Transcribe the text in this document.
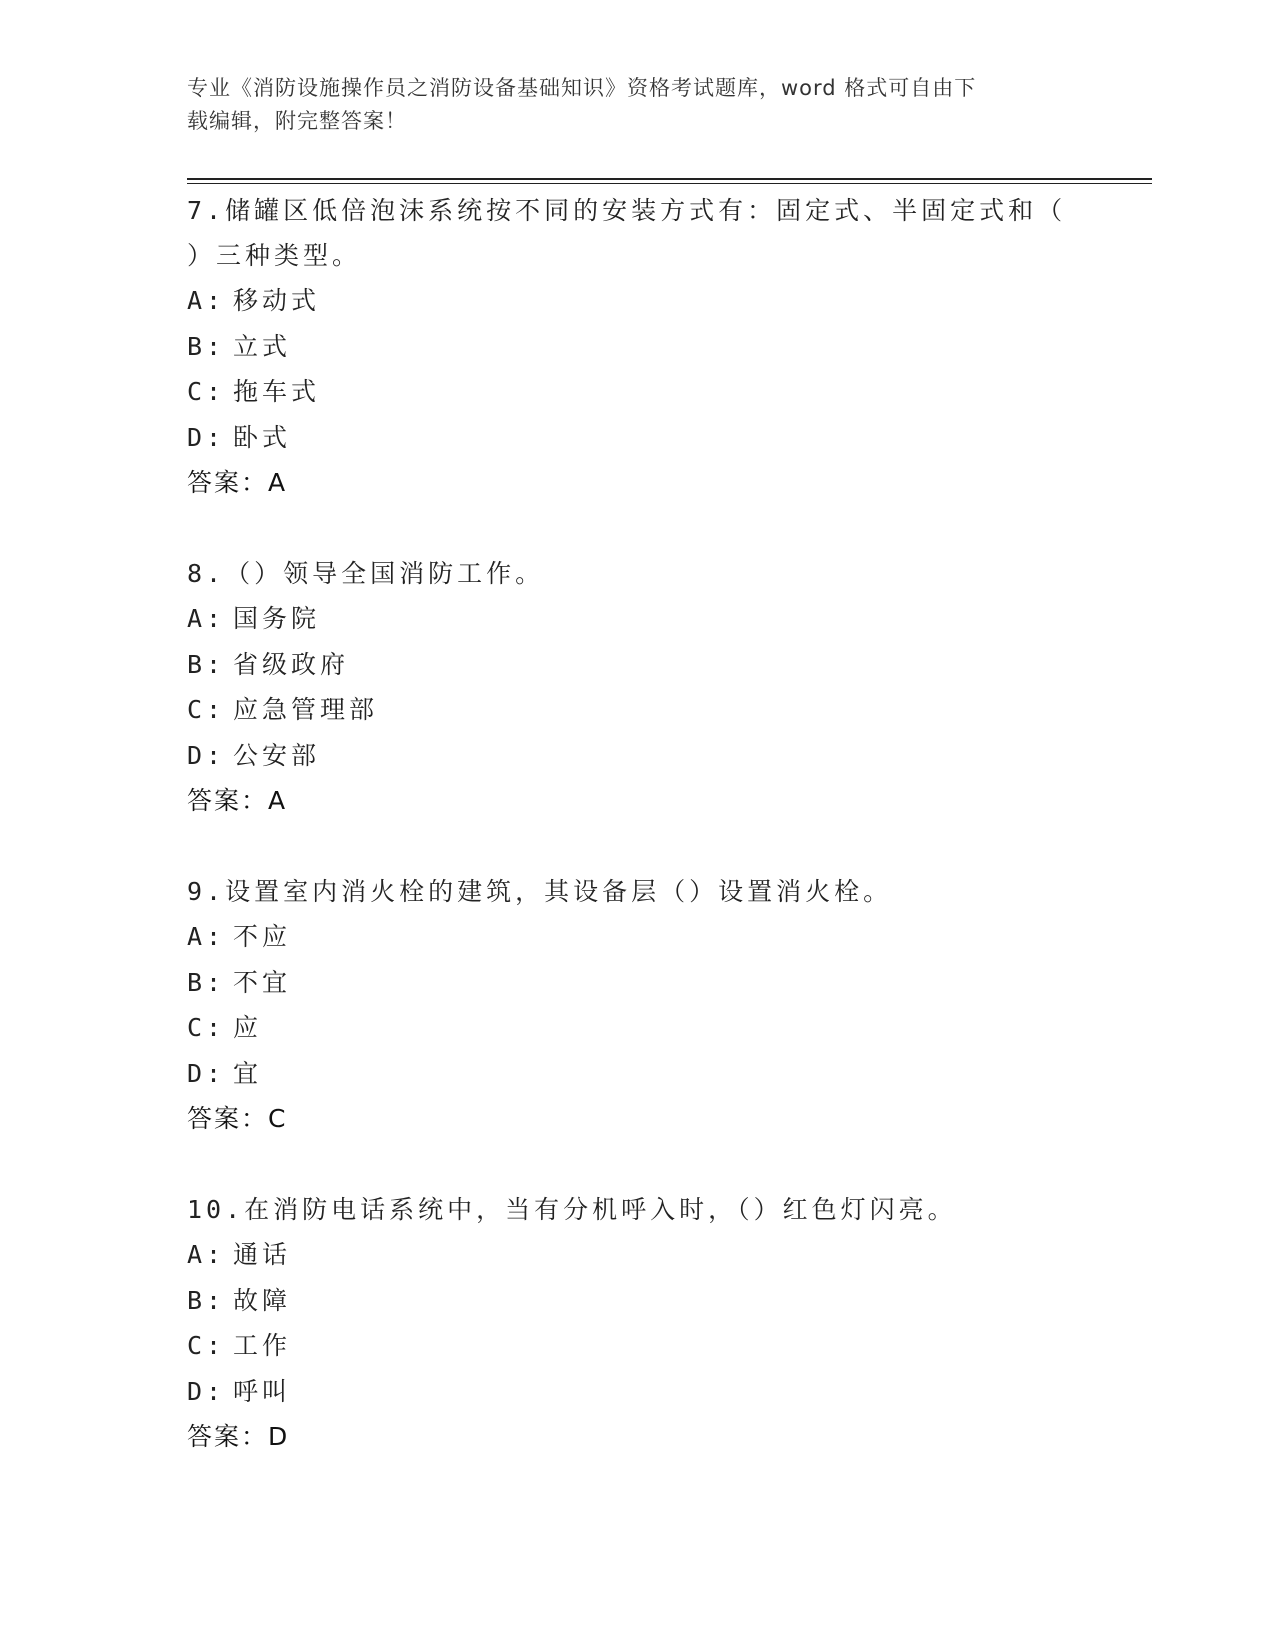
专业《消防设施操作员之消防设备基础知识》资格考试题库，word 格式可自由下
载编辑，附完整答案！
7.储罐区低倍泡沫系统按不同的安装方式有：固定式、半固定式和（
）三种类型。
A: 移动式
B: 立式
C: 拖车式
D: 卧式
答案：A
8.（）领导全国消防工作。
A: 国务院
B: 省级政府
C: 应急管理部
D: 公安部
答案：A
9.设置室内消火栓的建筑，其设备层（）设置消火栓。
A: 不应
B: 不宜
C: 应
D: 宜
答案：C
10.在消防电话系统中，当有分机呼入时，（）红色灯闪亮。
A: 通话
B: 故障
C: 工作
D: 呼叫
答案：D
